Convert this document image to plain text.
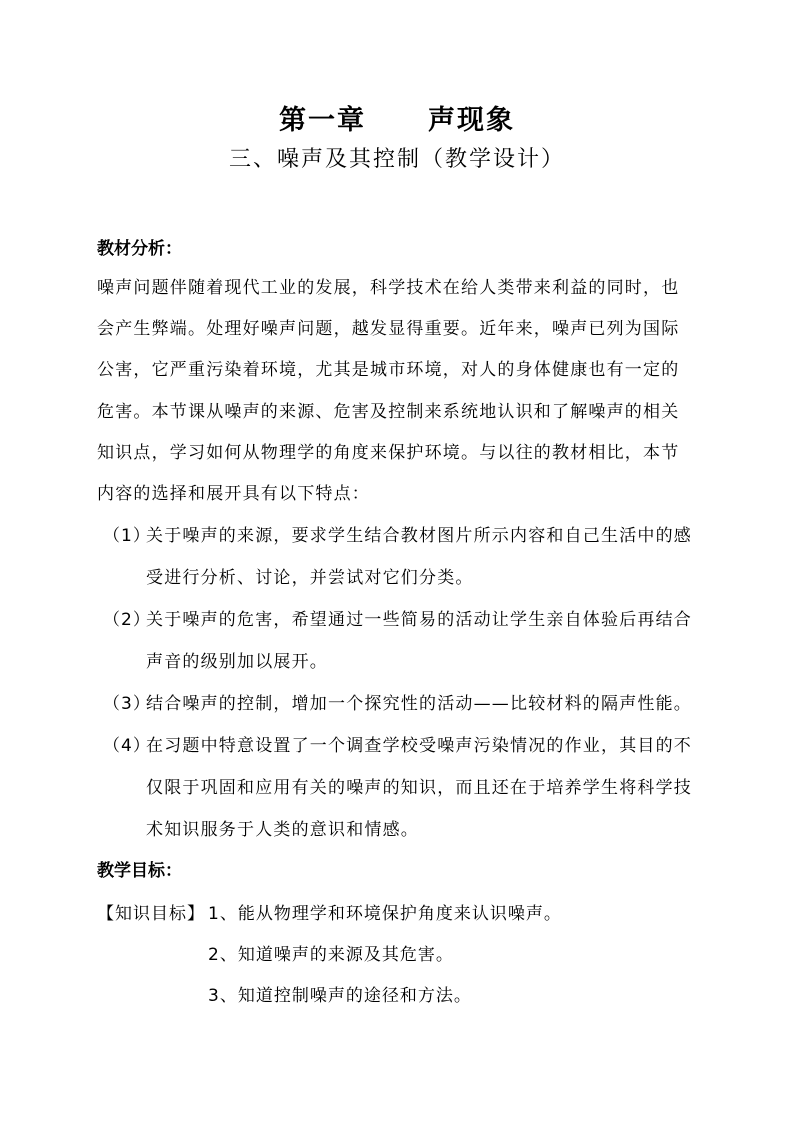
第一章 声现象
三、噪声及其控制（教学设计）
教材分析：
噪声问题伴随着现代工业的发展，科学技术在给人类带来利益的同时，也
会产生弊端。处理好噪声问题，越发显得重要。近年来，噪声已列为国际
公害，它严重污染着环境，尤其是城市环境，对人的身体健康也有一定的
危害。本节课从噪声的来源、危害及控制来系统地认识和了解噪声的相关
知识点，学习如何从物理学的角度来保护环境。与以往的教材相比，本节
内容的选择和展开具有以下特点：
（1）
关于噪声的来源，要求学生结合教材图片所示内容和自己生活中的感
受进行分析、讨论，并尝试对它们分类。
（2）
关于噪声的危害，希望通过一些简易的活动让学生亲自体验后再结合
声音的级别加以展开。
（3）
结合噪声的控制，增加一个探究性的活动——比较材料的隔声性能。
（4）
在习题中特意设置了一个调查学校受噪声污染情况的作业，其目的不
仅限于巩固和应用有关的噪声的知识，而且还在于培养学生将科学技
术知识服务于人类的意识和情感。
教学目标：
【知识目标】 1、能从物理学和环境保护角度来认识噪声。
2、知道噪声的来源及其危害。
3、知道控制噪声的途径和方法。
